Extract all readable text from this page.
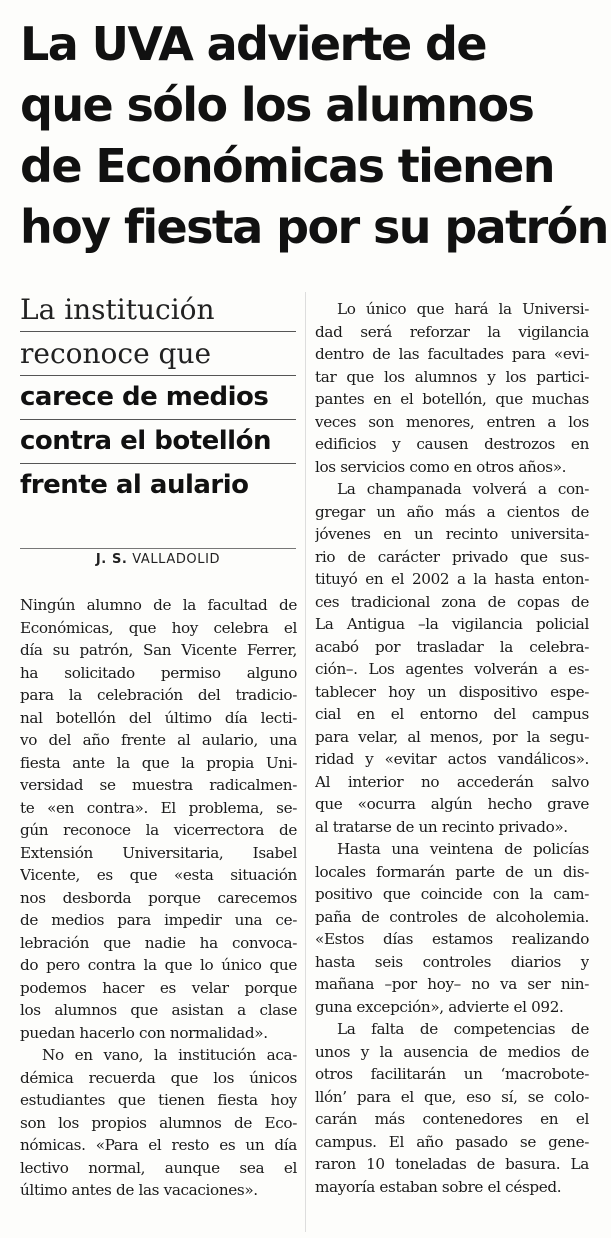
La UVA advierte de
que sólo los alumnos
de Económicas tienen
hoy fiesta por su patrón
La institución
reconoce que
carece de medios
contra el botellón
frente al aulario
J. S. VALLADOLID
Ningún alumno de la facultad de
Económicas, que hoy celebra el
día su patrón, San Vicente Ferrer,
ha solicitado permiso alguno
para la celebración del tradicio-
nal botellón del último día lecti-
vo del año frente al aulario, una
fiesta ante la que la propia Uni-
versidad se muestra radicalmen-
te «en contra». El problema, se-
gún reconoce la vicerrectora de
Extensión Universitaria, Isabel
Vicente, es que «esta situación
nos desborda porque carecemos
de medios para impedir una ce-
lebración que nadie ha convoca-
do pero contra la que lo único que
podemos hacer es velar porque
los alumnos que asistan a clase
puedan hacerlo con normalidad».
No en vano, la institución aca-
démica recuerda que los únicos
estudiantes que tienen fiesta hoy
son los propios alumnos de Eco-
nómicas. «Para el resto es un día
lectivo normal, aunque sea el
último antes de las vacaciones».
Lo único que hará la Universi-
dad será reforzar la vigilancia
dentro de las facultades para «evi-
tar que los alumnos y los partici-
pantes en el botellón, que muchas
veces son menores, entren a los
edificios y causen destrozos en
los servicios como en otros años».
La champanada volverá a con-
gregar un año más a cientos de
jóvenes en un recinto universita-
rio de carácter privado que sus-
tituyó en el 2002 a la hasta enton-
ces tradicional zona de copas de
La Antigua –la vigilancia policial
acabó por trasladar la celebra-
ción–. Los agentes volverán a es-
tablecer hoy un dispositivo espe-
cial en el entorno del campus
para velar, al menos, por la segu-
ridad y «evitar actos vandálicos».
Al interior no accederán salvo
que «ocurra algún hecho grave
al tratarse de un recinto privado».
Hasta una veintena de policías
locales formarán parte de un dis-
positivo que coincide con la cam-
paña de controles de alcoholemia.
«Estos días estamos realizando
hasta seis controles diarios y
mañana –por hoy– no va ser nin-
guna excepción», advierte el 092.
La falta de competencias de
unos y la ausencia de medios de
otros facilitarán un ‘macrobote-
llón’ para el que, eso sí, se colo-
carán más contenedores en el
campus. El año pasado se gene-
raron 10 toneladas de basura. La
mayoría estaban sobre el césped.
